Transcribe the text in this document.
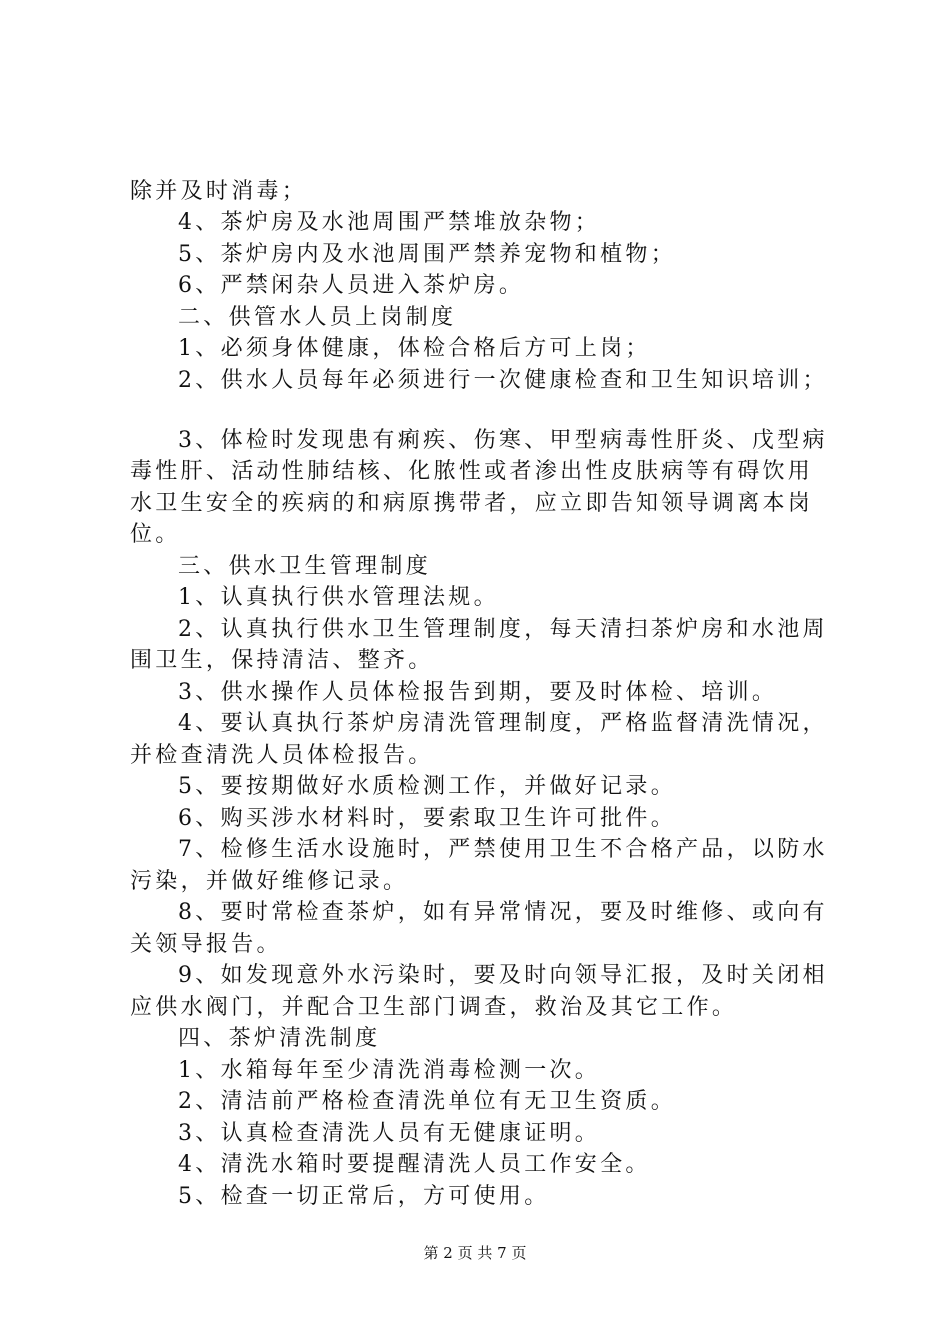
除并及时消毒；
4、茶炉房及水池周围严禁堆放杂物；
5、茶炉房内及水池周围严禁养宠物和植物；
6、严禁闲杂人员进入茶炉房。
二、供管水人员上岗制度
1、必须身体健康，体检合格后方可上岗；
2、供水人员每年必须进行一次健康检查和卫生知识培训；
3、体检时发现患有痢疾、伤寒、甲型病毒性肝炎、戊型病
毒性肝、活动性肺结核、化脓性或者渗出性皮肤病等有碍饮用
水卫生安全的疾病的和病原携带者，应立即告知领导调离本岗
位。
三、供水卫生管理制度
1、认真执行供水管理法规。
2、认真执行供水卫生管理制度，每天清扫茶炉房和水池周
围卫生，保持清洁、整齐。
3、供水操作人员体检报告到期，要及时体检、培训。
4、要认真执行茶炉房清洗管理制度，严格监督清洗情况，
并检查清洗人员体检报告。
5、要按期做好水质检测工作，并做好记录。
6、购买涉水材料时，要索取卫生许可批件。
7、检修生活水设施时，严禁使用卫生不合格产品，以防水
污染，并做好维修记录。
8、要时常检查茶炉，如有异常情况，要及时维修、或向有
关领导报告。
9、如发现意外水污染时，要及时向领导汇报，及时关闭相
应供水阀门，并配合卫生部门调查，救治及其它工作。
四、茶炉清洗制度
1、水箱每年至少清洗消毒检测一次。
2、清洁前严格检查清洗单位有无卫生资质。
3、认真检查清洗人员有无健康证明。
4、清洗水箱时要提醒清洗人员工作安全。
5、检查一切正常后，方可使用。
第 2 页 共 7 页
